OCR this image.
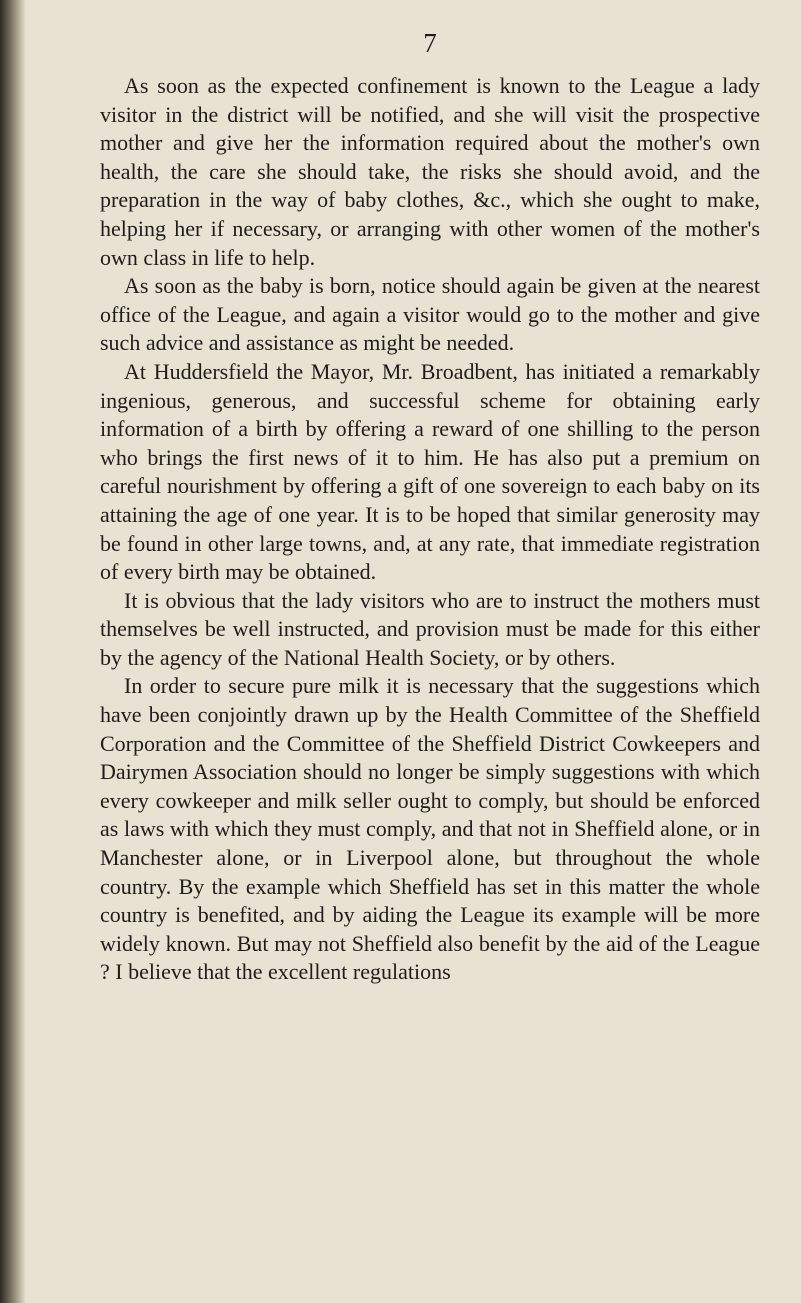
7

As soon as the expected confinement is known to the League a lady visitor in the district will be notified, and she will visit the prospective mother and give her the information required about the mother's own health, the care she should take, the risks she should avoid, and the preparation in the way of baby clothes, &c., which she ought to make, helping her if necessary, or arranging with other women of the mother's own class in life to help.

As soon as the baby is born, notice should again be given at the nearest office of the League, and again a visitor would go to the mother and give such advice and assistance as might be needed.

At Huddersfield the Mayor, Mr. Broadbent, has initiated a remarkably ingenious, generous, and successful scheme for obtaining early information of a birth by offering a reward of one shilling to the person who brings the first news of it to him. He has also put a premium on careful nourishment by offering a gift of one sovereign to each baby on its attaining the age of one year. It is to be hoped that similar generosity may be found in other large towns, and, at any rate, that immediate registration of every birth may be obtained.

It is obvious that the lady visitors who are to instruct the mothers must themselves be well instructed, and provision must be made for this either by the agency of the National Health Society, or by others.

In order to secure pure milk it is necessary that the suggestions which have been conjointly drawn up by the Health Committee of the Sheffield Corporation and the Committee of the Sheffield District Cowkeepers and Dairymen Association should no longer be simply suggestions with which every cowkeeper and milk seller ought to comply, but should be enforced as laws with which they must comply, and that not in Sheffield alone, or in Manchester alone, or in Liverpool alone, but throughout the whole country. By the example which Sheffield has set in this matter the whole country is benefited, and by aiding the League its example will be more widely known. But may not Sheffield also benefit by the aid of the League ? I believe that the excellent regulations
